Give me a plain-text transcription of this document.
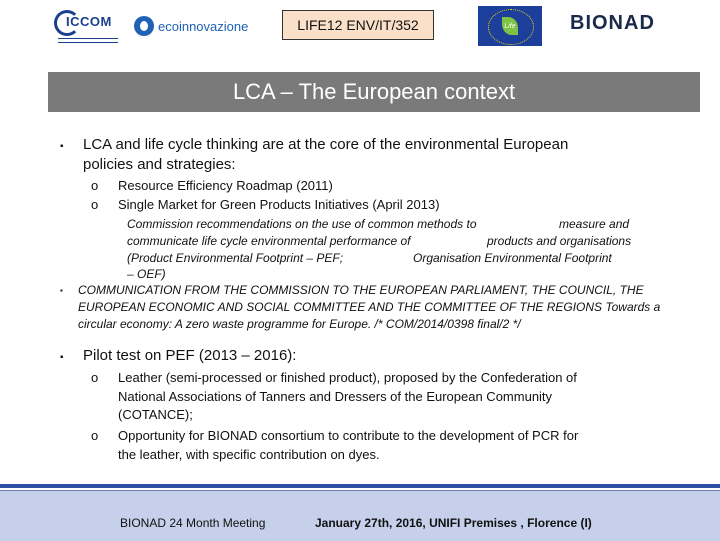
ICCOM	ecoinnovazione	LIFE12 ENV/IT/352	Life	BIONAD
LCA – The European context
▪ LCA and life cycle thinking are at the core of the environmental European
policies and strategies:
o Resource Efficiency Roadmap (2011)
o Single Market for Green Products Initiatives (April 2013)
Commission recommendations on the use of common methods to	measure and
communicate life cycle environmental performance of	products and organisations
(Product Environmental Footprint – PEF;	Organisation Environmental Footprint
– OEF)
▪ COMMUNICATION FROM THE COMMISSION TO THE EUROPEAN PARLIAMENT, THE COUNCIL, THE
EUROPEAN ECONOMIC AND SOCIAL COMMITTEE AND THE COMMITTEE OF THE REGIONS Towards a
circular economy: A zero waste programme for Europe. /* COM/2014/0398 final/2 */
▪ Pilot test on PEF (2013 – 2016):
o Leather (semi-processed or finished product), proposed by the Confederation of
National Associations of Tanners and Dressers of the European Community
(COTANCE);
o Opportunity for BIONAD consortium to contribute to the development of PCR for
the leather, with specific contribution on dyes.
BIONAD 24 Month Meeting	January 27th, 2016, UNIFI Premises , Florence (I)
